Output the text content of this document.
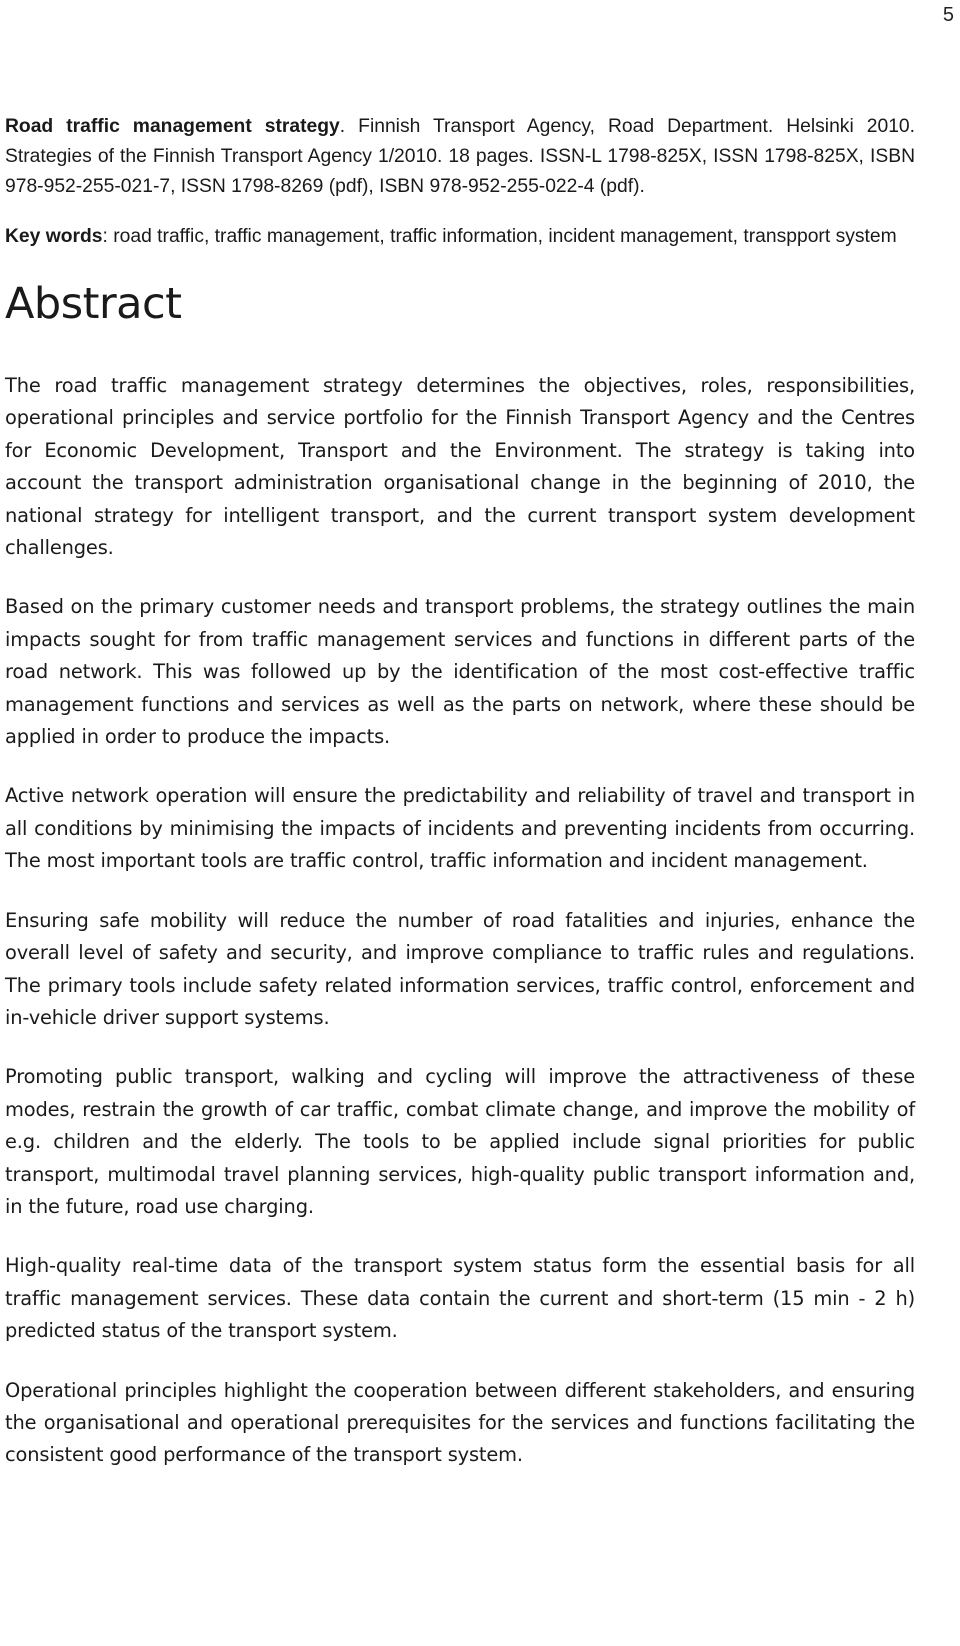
5

Road traffic management strategy. Finnish Transport Agency, Road Department. Helsinki 2010. Strategies of the Finnish Transport Agency 1/2010. 18 pages. ISSN-L 1798-825X, ISSN 1798-825X, ISBN 978-952-255-021-7, ISSN 1798-8269 (pdf), ISBN 978-952-255-022-4 (pdf).

Key words: road traffic, traffic management, traffic information, incident management, transpport system

Abstract

The road traffic management strategy determines the objectives, roles, responsibilities, operational principles and service portfolio for the Finnish Transport Agency and the Centres for Economic Development, Transport and the Environment. The strategy is taking into account the transport administration organisational change in the beginning of 2010, the national strategy for intelligent transport, and the current transport system development challenges.

Based on the primary customer needs and transport problems, the strategy outlines the main impacts sought for from traffic management services and functions in different parts of the road network. This was followed up by the identification of the most cost-effective traffic management functions and services as well as the parts on network, where these should be applied in order to produce the impacts.

Active network operation will ensure the predictability and reliability of travel and transport in all conditions by minimising the impacts of incidents and preventing incidents from occurring. The most important tools are traffic control, traffic information and incident management.

Ensuring safe mobility will reduce the number of road fatalities and injuries, enhance the overall level of safety and security, and improve compliance to traffic rules and regulations. The primary tools include safety related information services, traffic control, enforcement and in-vehicle driver support systems.

Promoting public transport, walking and cycling will improve the attractiveness of these modes, restrain the growth of car traffic, combat climate change, and improve the mobility of e.g. children and the elderly. The tools to be applied include signal priorities for public transport, multimodal travel planning services, high-quality public transport information and, in the future, road use charging.

High-quality real-time data of the transport system status form the essential basis for all traffic management services. These data contain the current and short-term (15 min - 2 h) predicted status of the transport system.

Operational principles highlight the cooperation between different stakeholders, and ensuring the organisational and operational prerequisites for the services and functions facilitating the consistent good performance of the transport system.
